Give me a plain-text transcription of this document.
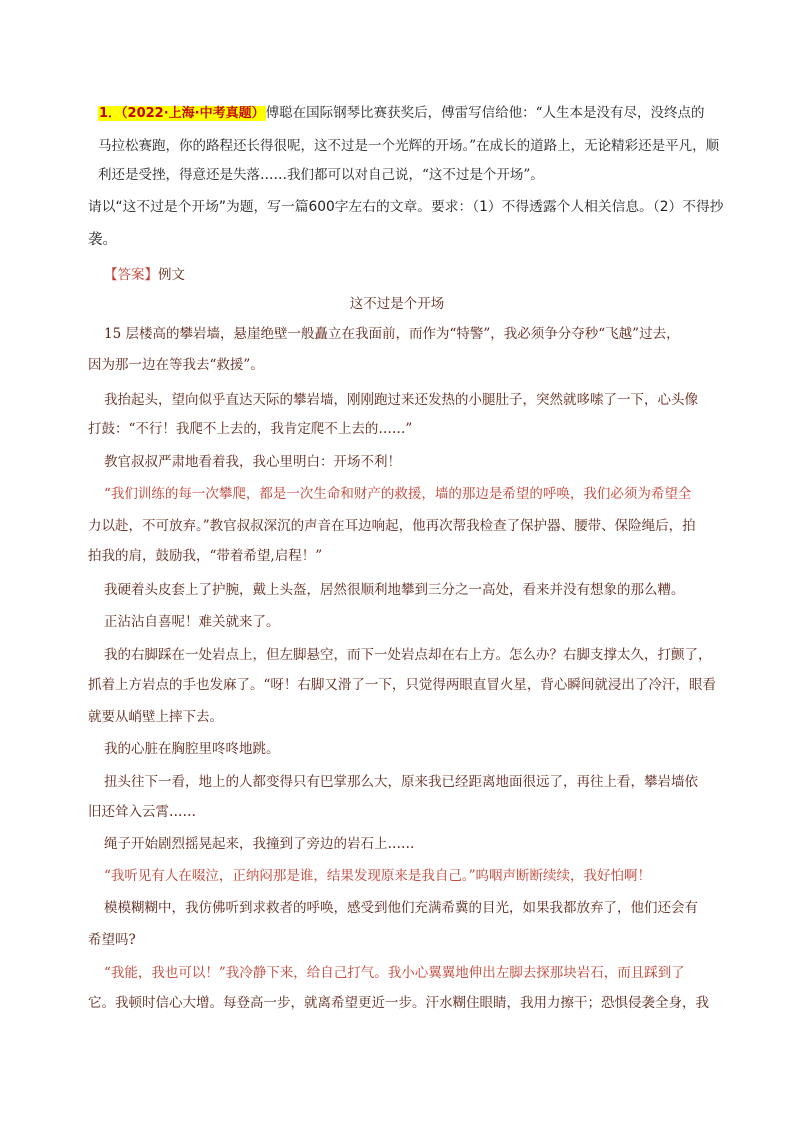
1．（2022·上海·中考真题）傅聪在国际钢琴比赛获奖后，傅雷写信给他：“人生本是没有尽，没终点的
马拉松赛跑，你的路程还长得很呢，这不过是一个光辉的开场。”在成长的道路上，无论精彩还是平凡，顺
利还是受挫，得意还是失落……我们都可以对自己说，“这不过是个开场”。
请以“这不过是个开场”为题，写一篇600字左右的文章。要求：（1）不得透露个人相关信息。（2）不得抄
袭。
【答案】例文
这不过是个开场
15 层楼高的攀岩墙，悬崖绝壁一般矗立在我面前，而作为“特警”，我必须争分夺秒“飞越”过去，
因为那一边在等我去“救援”。
我抬起头，望向似乎直达天际的攀岩墙，刚刚跑过来还发热的小腿肚子，突然就哆嗦了一下，心头像
打鼓：“不行！我爬不上去的，我肯定爬不上去的……”
教官叔叔严肃地看着我，我心里明白：开场不利！
“我们训练的每一次攀爬，都是一次生命和财产的救援，墙的那边是希望的呼唤，我们必须为希望全
力以赴，不可放弃。”教官叔叔深沉的声音在耳边响起，他再次帮我检查了保护器、腰带、保险绳后，拍
拍我的肩，鼓励我，“带着希望,启程！”
我硬着头皮套上了护腕，戴上头盔，居然很顺利地攀到三分之一高处，看来并没有想象的那么糟。
正沾沾自喜呢！难关就来了。
我的右脚踩在一处岩点上，但左脚悬空，而下一处岩点却在右上方。怎么办？右脚支撑太久，打颤了，
抓着上方岩点的手也发麻了。“呀！右脚又滑了一下，只觉得两眼直冒火星，背心瞬间就浸出了冷汗，眼看
就要从峭壁上摔下去。
我的心脏在胸腔里咚咚地跳。
扭头往下一看，地上的人都变得只有巴掌那么大，原来我已经距离地面很远了，再往上看，攀岩墙依
旧还耸入云霄……
绳子开始剧烈摇晃起来，我撞到了旁边的岩石上……
“我听见有人在啜泣，正纳闷那是谁，结果发现原来是我自己。”呜咽声断断续续，我好怕啊！
模模糊糊中，我仿佛听到求救者的呼唤，感受到他们充满希冀的目光，如果我都放弃了，他们还会有
希望吗?
“我能，我也可以！”我冷静下来，给自己打气。我小心翼翼地伸出左脚去探那块岩石，而且踩到了
它。我顿时信心大增。每登高一步，就离希望更近一步。汗水糊住眼睛，我用力擦干；恐惧侵袭全身，我
